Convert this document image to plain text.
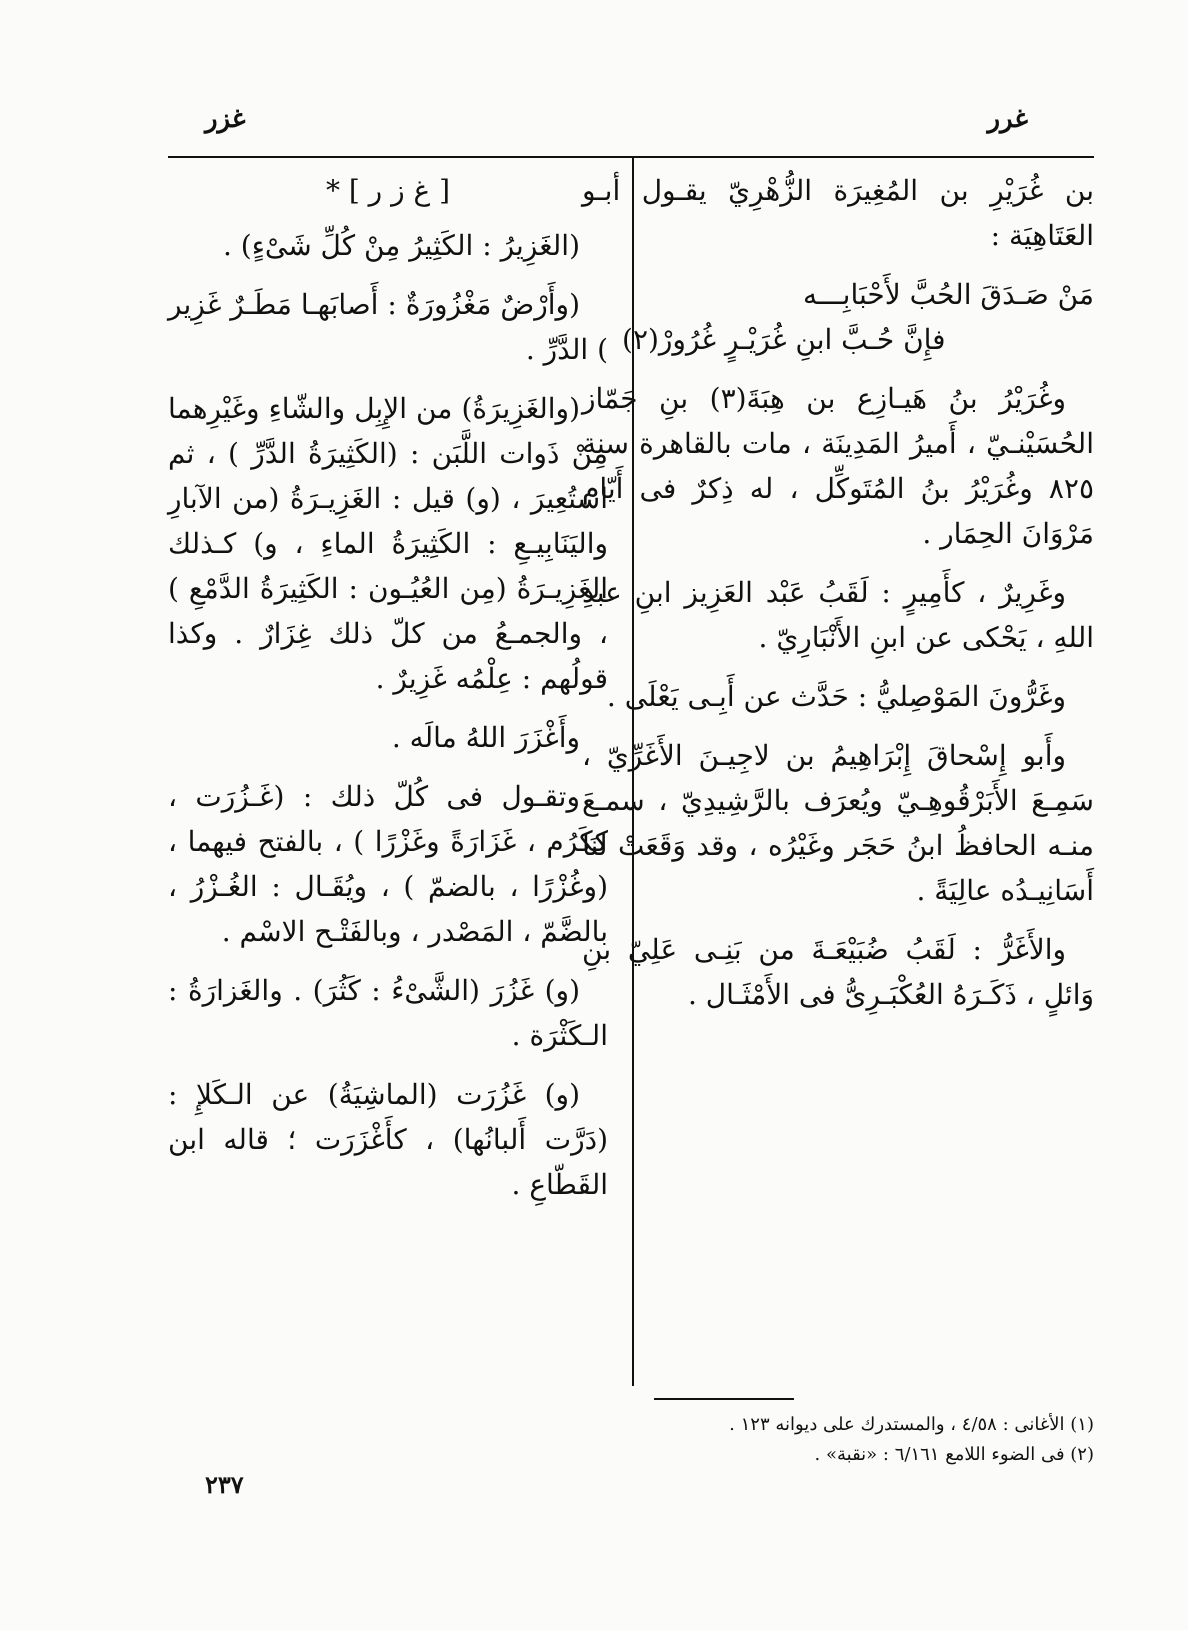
غرر
غزر

بن غُرَيْرِ بن المُغِيرَة الزُّهْرِيّ يقـول أبـو العَتَاهِيَة :

مَنْ صَـدَقَ الحُبَّ لأَحْبَابِـــه
فإِنَّ حُـبَّ ابنِ غُرَيْـرٍ غُرُورْ(٢)

وغُرَيْرُ بنُ هَيـازِع بن هِبَةَ(٣) بنِ جَمّاز الحُسَيْنـيّ ، أَميرُ المَدِينَة ، مات بالقاهرة سنة ٨٢٥ وغُرَيْرُ بنُ المُتَوكِّل ، له ذِكرٌ فى أَيّام مَرْوَانَ الحِمَار .

وغَرِيرٌ ، كأَمِيرٍ : لَقَبُ عَبْد العَزِيز ابنِ عبدِ اللهِ ، يَحْكى عن ابنِ الأَنْبَارِيّ .

وغَرُّونَ المَوْصِليُّ : حَدَّث عن أَبِـى يَعْلَى .

وأَبو إِسْحاقَ إِبْرَاهِيمُ بن لاجِيـنَ الأَغَرِّيّ ، سَمِـعَ الأَبَرْقُوهِـيّ ويُعرَف بالرَّشِيدِيّ ، سمـعَ منـه الحافظُ ابنُ حَجَر وغَيْرُه ، وقد وَقَعَتْ لنَا أَسَانِيـدُه عالِيَةً .

والأَغَرُّ : لَقَبُ ضُبَيْعَـةَ من بَنِـى عَلِيّ بنِ وَائلٍ ، ذَكَـرَهُ العُكْبَـرِىُّ فى الأَمْثَـال .

[ غ ز ر ] *

(الغَزِيرُ : الكَثِيرُ مِنْ كُلِّ شَىْءٍ) .

(وأَرْضٌ مَغْزُورَةٌ : أَصابَهـا مَطَـرٌ غَزِير ) الدَّرِّ .

(والغَزِيرَةُ) من الإِبِل والشّاءِ وغَيْرِهما مِنْ ذَوات اللَّبَن : (الكَثِيرَةُ الدَّرِّ ) ، ثم استُعِيرَ ، (و) قيل : الغَزِيـرَةُ (من الآبارِ واليَنَابِيـعِ : الكَثِيرَةُ الماءِ ، و) كـذلك الغَزِيـرَةُ (مِن العُيُـون : الكَثِيرَةُ الدَّمْعِ ) ، والجمـعُ من كلّ ذلك غِزَارٌ . وكذا قولُهم : عِلْمُه غَزِيرٌ .

وأَغْزَرَ اللهُ مالَه .

وتقـول فى كُلّ ذلك : (غَـزُرَت ، ككَرُم ، غَزَارَةً وغَزْرًا ) ، بالفتح فيهما ، (وغُزْرًا ، بالضمّ ) ، ويُقَـال : الغُـزْرُ ، بالضَّمّ ، المَصْدر ، وبالفَتْـح الاسْم .

(و) غَزُرَ (الشَّىْءُ : كَثُرَ) . والغَزارَةُ : الـكَثْرَة .

(و) غَزُرَت (الماشِيَةُ) عن الـكَلإِ : (دَرَّت أَلبانُها) ، كأَغْزَرَت ؛ قاله ابن القَطّاعِ .

(١) الأغانى : ٤/٥٨ ، والمستدرك على ديوانه ١٢٣ .
(٢) فى الضوء اللامع ٦/١٦١ : «نقبة» .
٢٣٧
